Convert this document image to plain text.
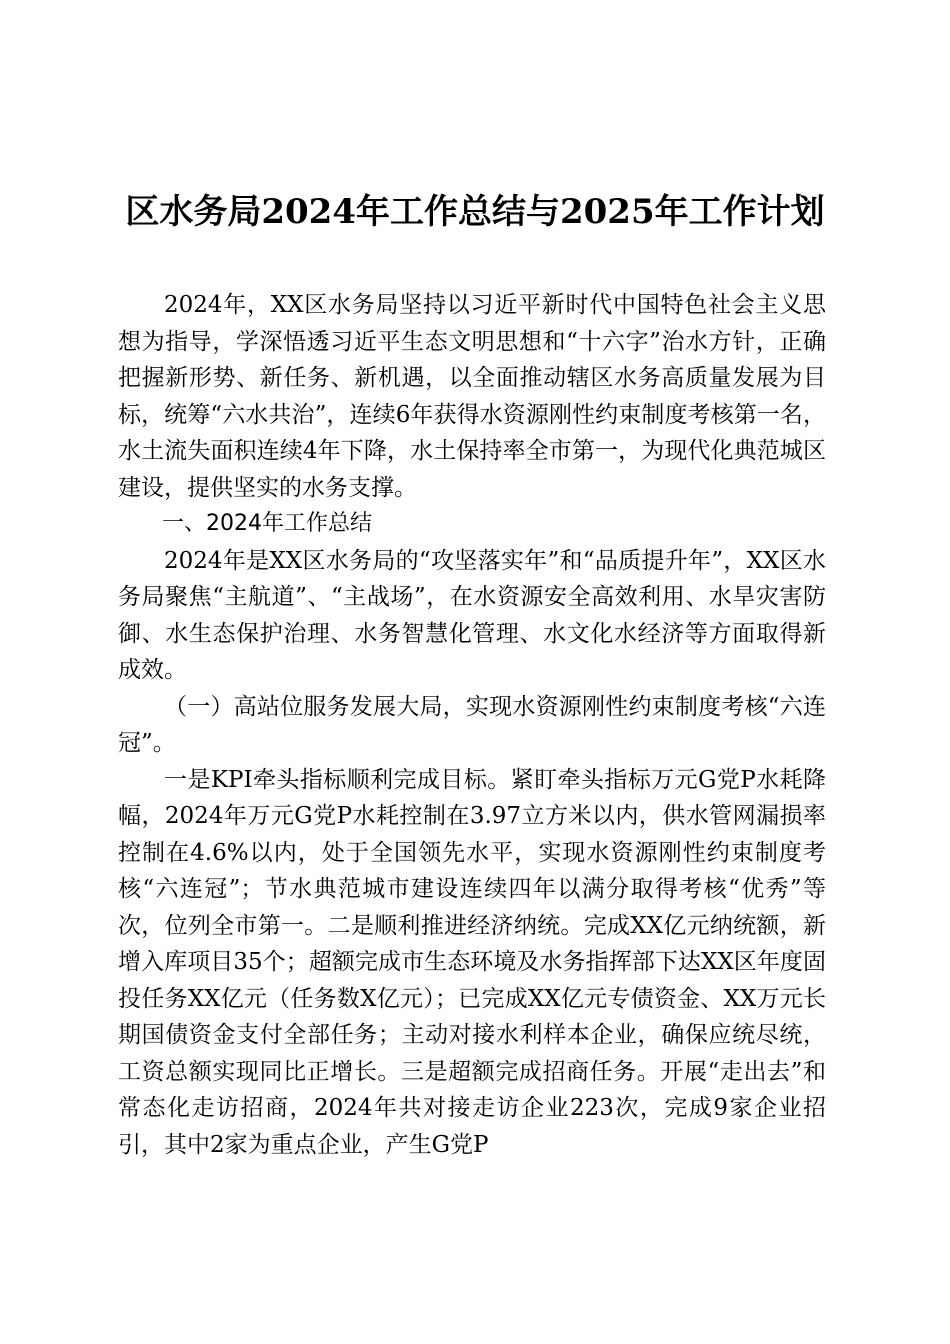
区水务局2024年工作总结与2025年工作计划

2024年，XX区水务局坚持以习近平新时代中国特色社会主义思想为指导，学深悟透习近平生态文明思想和“十六字”治水方针，正确把握新形势、新任务、新机遇，以全面推动辖区水务高质量发展为目标，统筹“六水共治”，连续6年获得水资源刚性约束制度考核第一名，水土流失面积连续4年下降，水土保持率全市第一，为现代化典范城区建设，提供坚实的水务支撑。

一、2024年工作总结

2024年是XX区水务局的“攻坚落实年”和“品质提升年”，XX区水务局聚焦“主航道”、“主战场”，在水资源安全高效利用、水旱灾害防御、水生态保护治理、水务智慧化管理、水文化水经济等方面取得新成效。

（一）高站位服务发展大局，实现水资源刚性约束制度考核“六连冠”。

一是KPI牵头指标顺利完成目标。紧盯牵头指标万元G党P水耗降幅，2024年万元G党P水耗控制在3.97立方米以内，供水管网漏损率控制在4.6%以内，处于全国领先水平，实现水资源刚性约束制度考核“六连冠”；节水典范城市建设连续四年以满分取得考核“优秀”等次，位列全市第一。二是顺利推进经济纳统。完成XX亿元纳统额，新增入库项目35个；超额完成市生态环境及水务指挥部下达XX区年度固投任务XX亿元（任务数X亿元）；已完成XX亿元专债资金、XX万元长期国债资金支付全部任务；主动对接水利样本企业，确保应统尽统，工资总额实现同比正增长。三是超额完成招商任务。开展“走出去”和常态化走访招商，2024年共对接走访企业223次，完成9家企业招引，其中2家为重点企业，产生G党P
